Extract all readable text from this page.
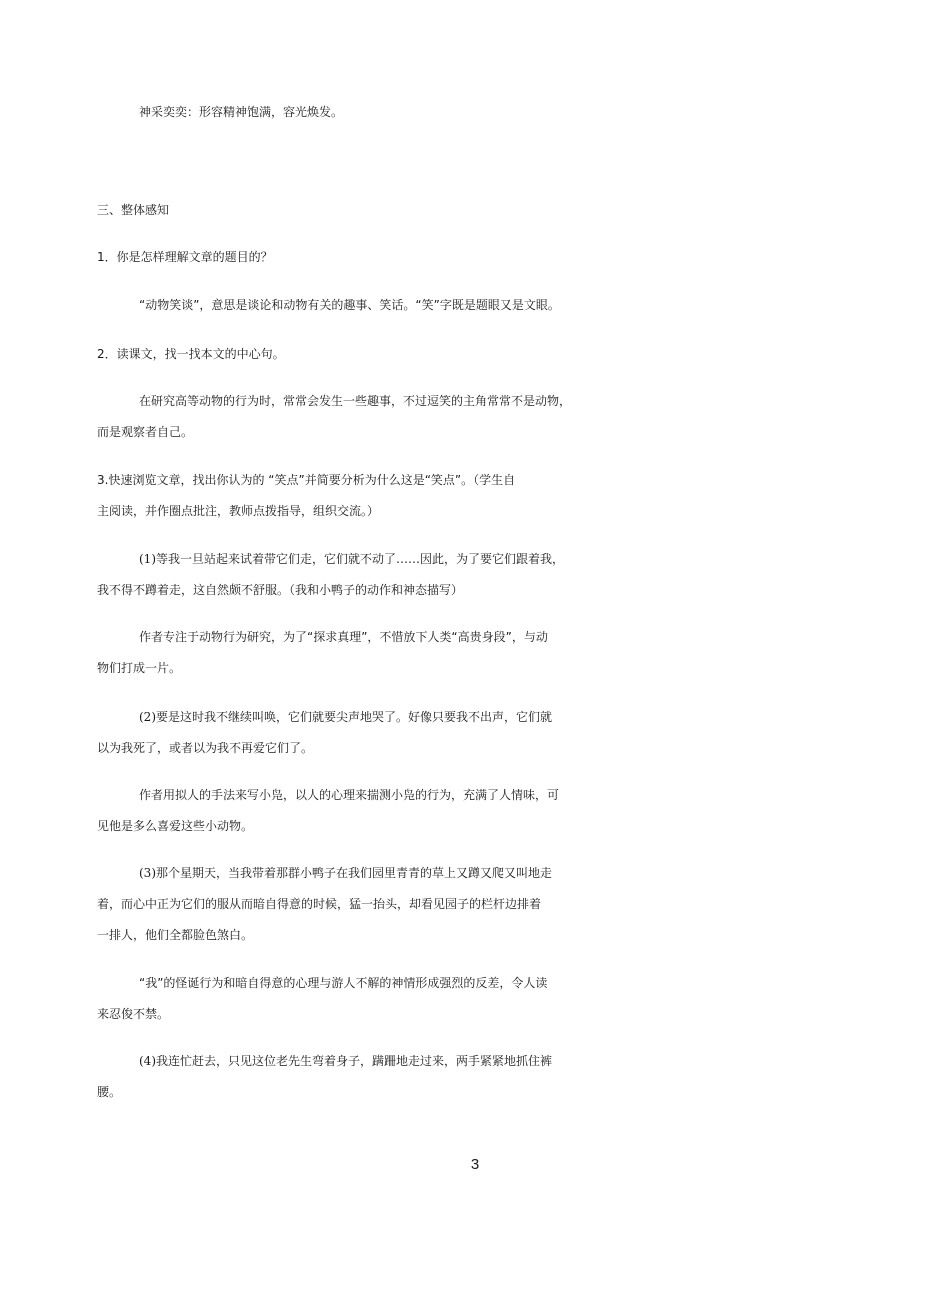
神采奕奕：形容精神饱满，容光焕发。
三、整体感知
1．你是怎样理解文章的题目的？
“动物笑谈”，意思是谈论和动物有关的趣事、笑话。“笑”字既是题眼又是文眼。
2．读课文，找一找本文的中心句。
在研究高等动物的行为时，常常会发生一些趣事，不过逗笑的主角常常不是动物，
而是观察者自己。
3.快速浏览文章，找出你认为的 “笑点”并简要分析为什么这是“笑点”。（学生自
主阅读，并作圈点批注，教师点拨指导，组织交流。）
(1)等我一旦站起来试着带它们走，它们就不动了……因此，为了要它们跟着我，
我不得不蹲着走，这自然颇不舒服。（我和小鸭子的动作和神态描写）
作者专注于动物行为研究，为了“探求真理”，不惜放下人类“高贵身段”，与动
物们打成一片。
(2)要是这时我不继续叫唤，它们就要尖声地哭了。好像只要我不出声，它们就
以为我死了，或者以为我不再爱它们了。
作者用拟人的手法来写小凫，以人的心理来揣测小凫的行为，充满了人情味，可
见他是多么喜爱这些小动物。
(3)那个星期天，当我带着那群小鸭子在我们园里青青的草上又蹲又爬又叫地走
着，而心中正为它们的服从而暗自得意的时候，猛一抬头，却看见园子的栏杆边排着
一排人，他们全都脸色煞白。
“我”的怪诞行为和暗自得意的心理与游人不解的神情形成强烈的反差，令人读
来忍俊不禁。
(4)我连忙赶去，只见这位老先生弯着身子，蹒跚地走过来，两手紧紧地抓住裤
腰。
3
